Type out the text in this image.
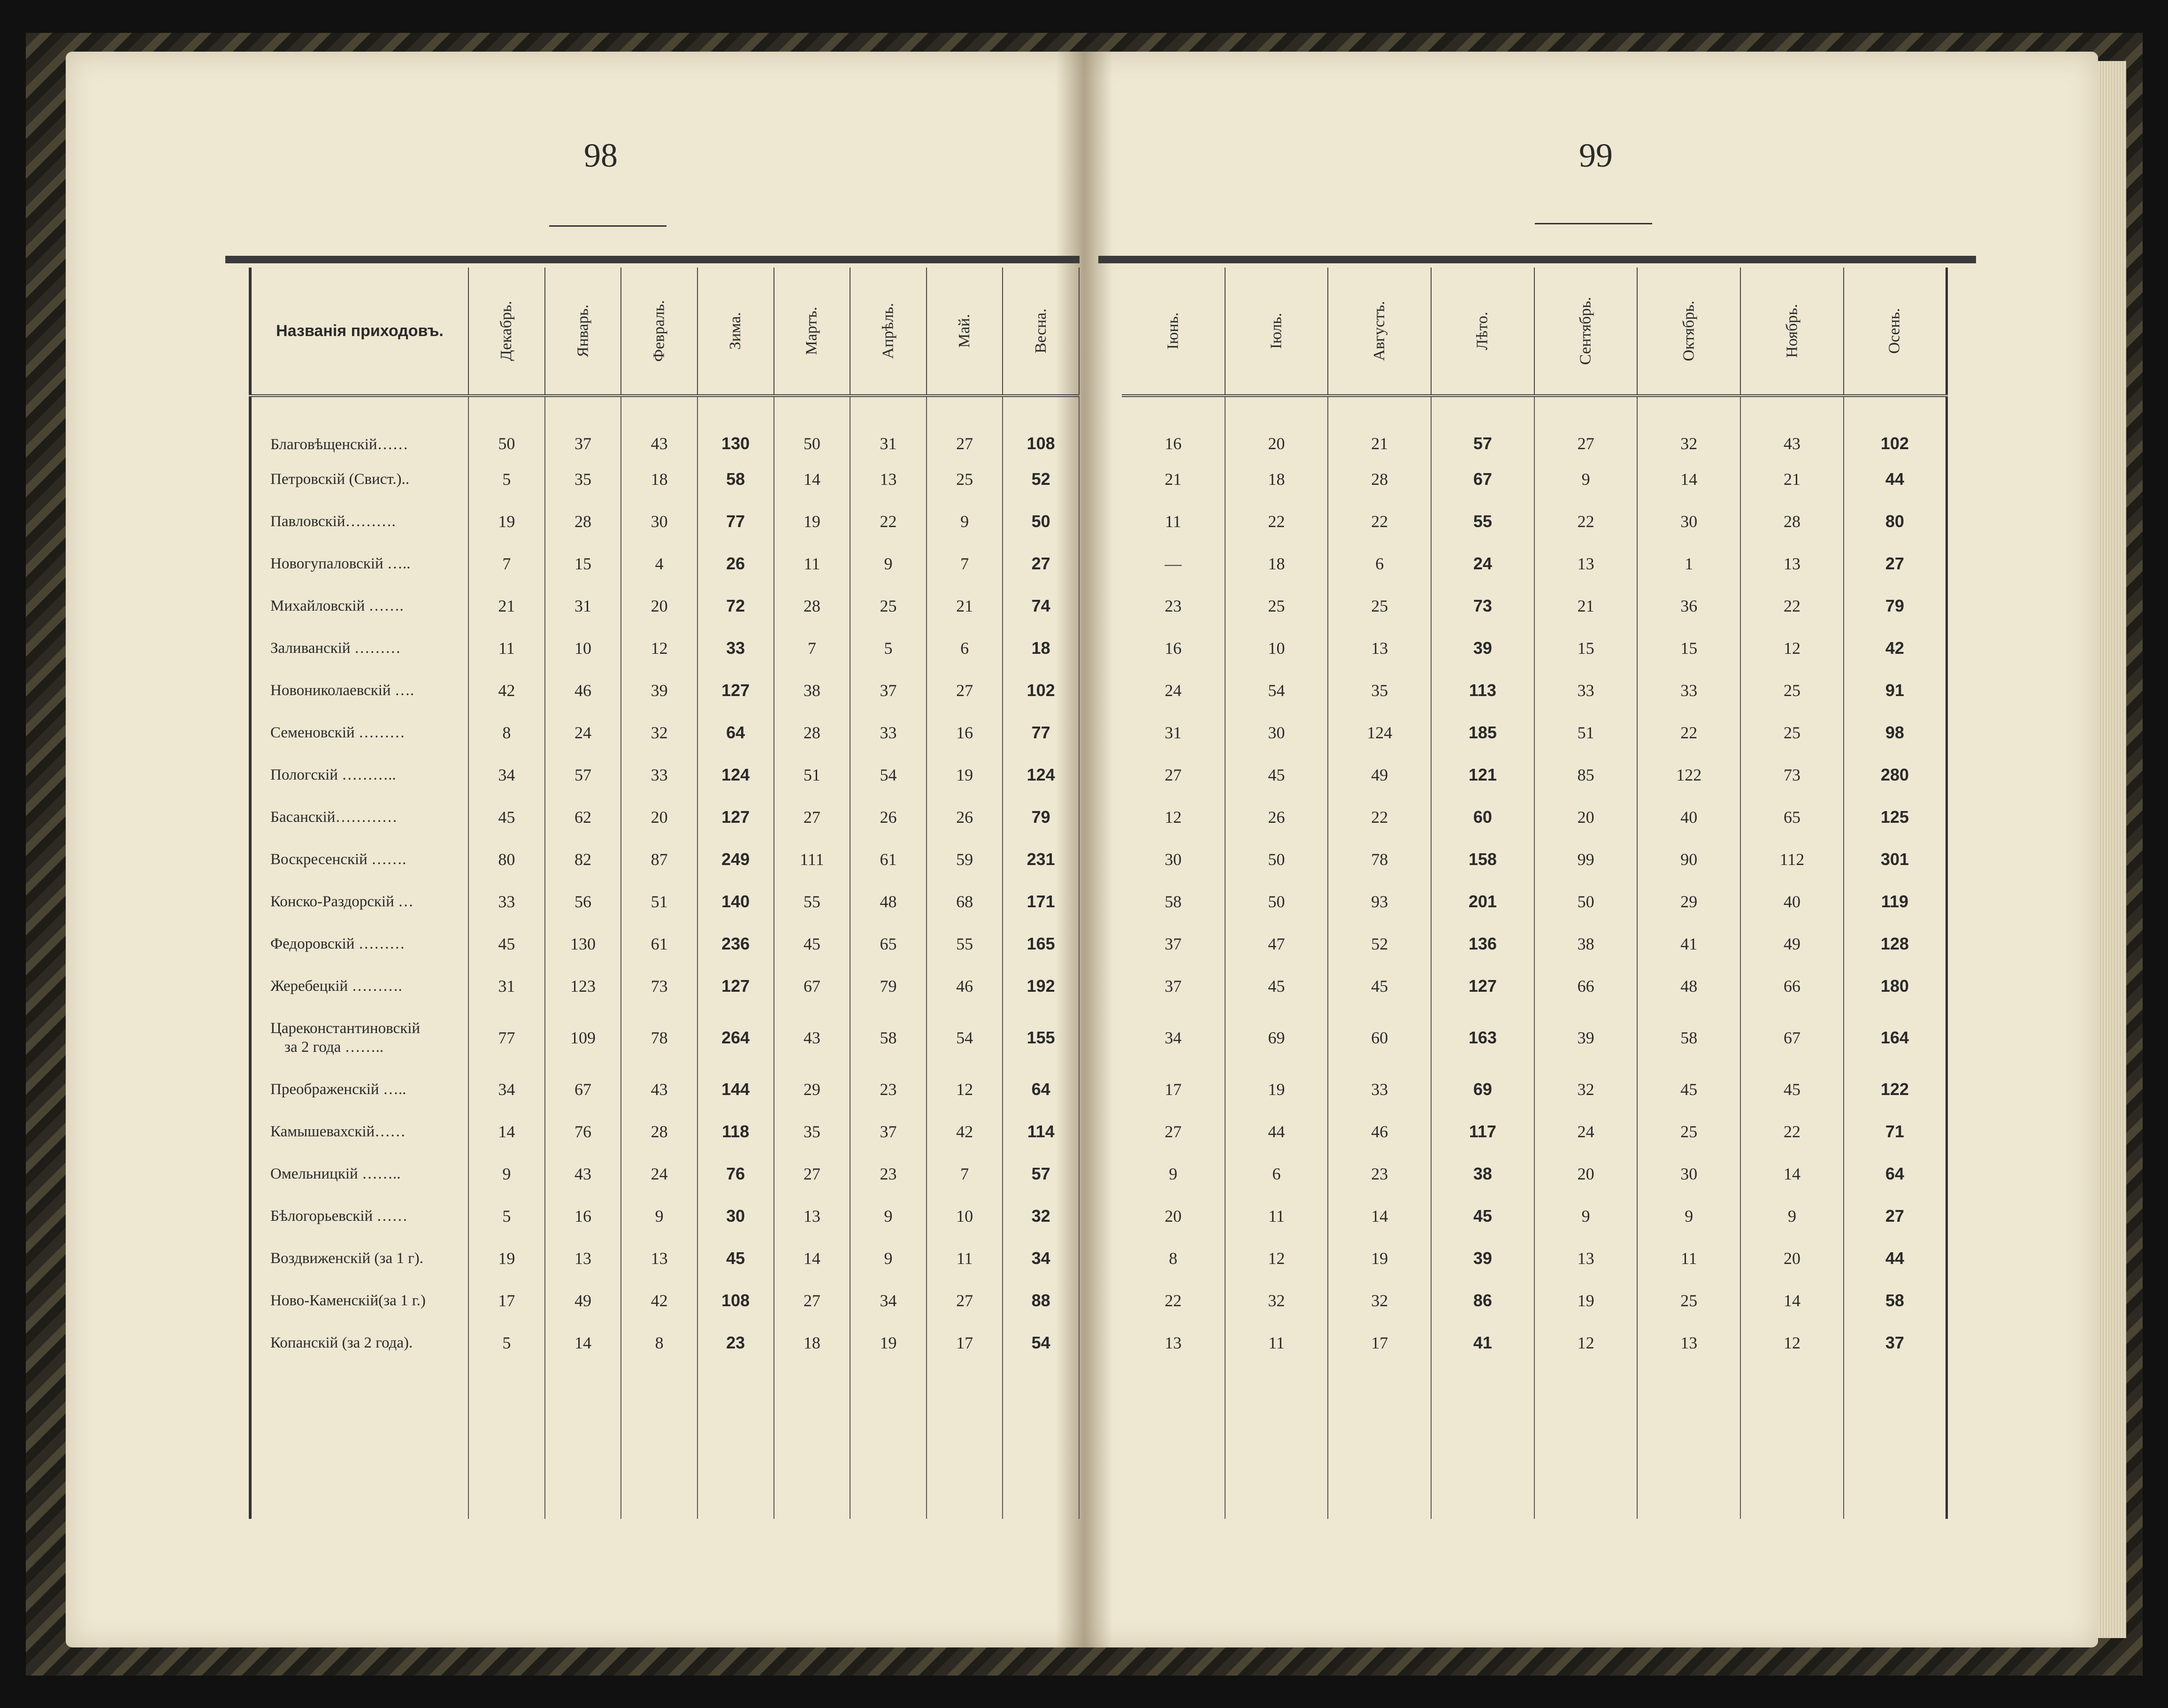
98	99
Названія приходовъ.	Декабрь.	Январь.	Февраль.	Зима.	Мартъ.	Апрѣль.	Май.	Весна.
Благовѣщенскій……	50	37	43	130	50	31	27	108
Петровскій (Свист.)..	5	35	18	58	14	13	25	52
Павловскій……….	19	28	30	77	19	22	9	50
Новогупаловскій …..	7	15	4	26	11	9	7	27
Михайловскій …….	21	31	20	72	28	25	21	74
Заливанскій ………	11	10	12	33	7	5	6	18
Новониколаевскій ….	42	46	39	127	38	37	27	102
Семеновскій ………	8	24	32	64	28	33	16	77
Пологскій ………..	34	57	33	124	51	54	19	124
Басанскій…………	45	62	20	127	27	26	26	79
Воскресенскій …….	80	82	87	249	111	61	59	231
Конско-Раздорскій …	33	56	51	140	55	48	68	171
Федоровскій ………	45	130	61	236	45	65	55	165
Жеребецкій ……….	31	123	73	127	67	79	46	192

Цареконстантиновскій
за 2 года ……..	77	109	78	264	43	58	54	155
Преображенскій …..	34	67	43	144	29	23	12	64
Камышевахскій……	14	76	28	118	35	37	42	114
Омельницкій ……..	9	43	24	76	27	23	7	57
Бѣлогорьевскій ……	5	16	9	30	13	9	10	32
Воздвиженскій (за 1 г).	19	13	13	45	14	9	11	34
Ново-Каменскій(за 1 г.)	17	49	42	108	27	34	27	88
Копанскій (за 2 года).	5	14	8	23	18	19	17	54

Іюнь.	Іюль.	Августъ.	Лѣто.	Сентябрь.	Октябрь.	Ноябрь.	Осень.
16	20	21	57	27	32	43	102
21	18	28	67	9	14	21	44
11	22	22	55	22	30	28	80
—	18	6	24	13	1	13	27
23	25	25	73	21	36	22	79
16	10	13	39	15	15	12	42
24	54	35	113	33	33	25	91
31	30	124	185	51	22	25	98
27	45	49	121	85	122	73	280
12	26	22	60	20	40	65	125
30	50	78	158	99	90	112	301
58	50	93	201	50	29	40	119
37	47	52	136	38	41	49	128
37	45	45	127	66	48	66	180
34	69	60	163	39	58	67	164
17	19	33	69	32	45	45	122
27	44	46	117	24	25	22	71
9	6	23	38	20	30	14	64
20	11	14	45	9	9	9	27
8	12	19	39	13	11	20	44
22	32	32	86	19	25	14	58
13	11	17	41	12	13	12	37
